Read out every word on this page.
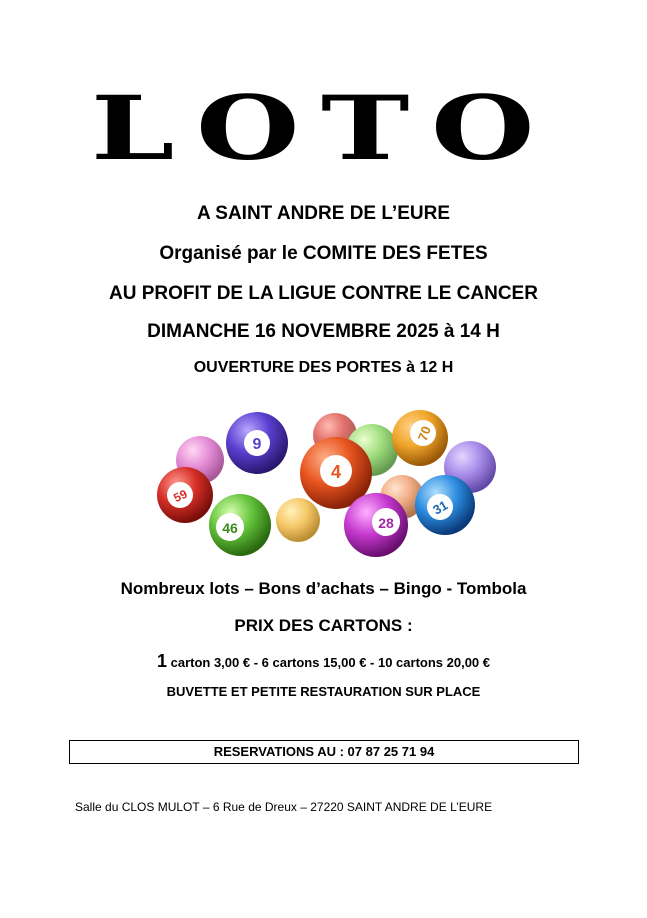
LOTO
A SAINT ANDRE DE L’EURE
Organisé par le COMITE DES FETES
AU PROFIT DE LA LIGUE CONTRE LE CANCER
DIMANCHE 16 NOVEMBRE 2025 à 14 H
OUVERTURE DES PORTES à 12 H
9
70
59
4
46	28
31
Nombreux lots – Bons d’achats – Bingo - Tombola
PRIX DES CARTONS :
1 carton 3,00 € - 6 cartons 15,00 € - 10 cartons 20,00 €
BUVETTE ET PETITE RESTAURATION SUR PLACE
RESERVATIONS AU : 07 87 25 71 94
Salle du CLOS MULOT – 6 Rue de Dreux – 27220 SAINT ANDRE DE L’EURE
